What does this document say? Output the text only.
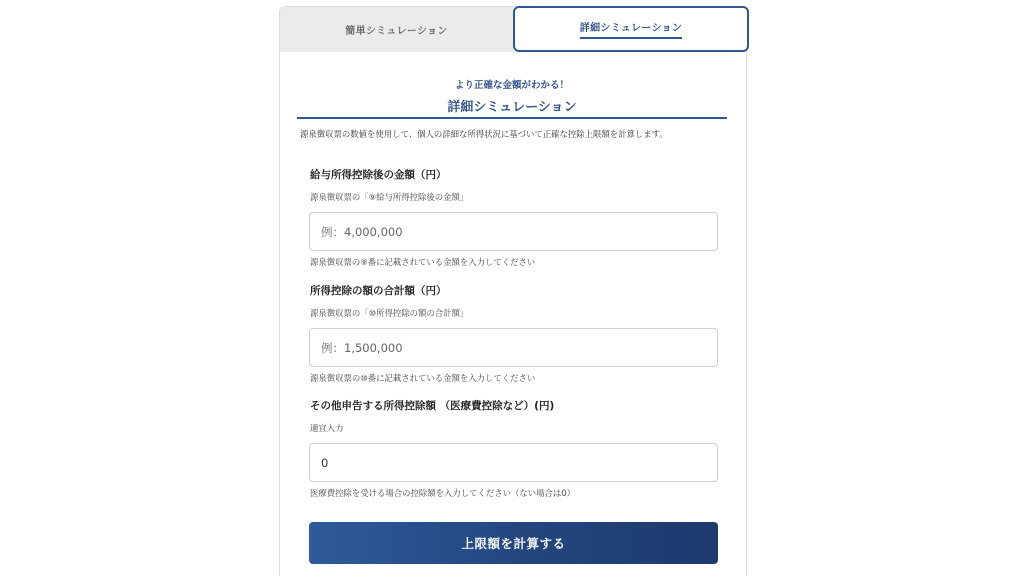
簡単シミュレーション	詳細シミュレーション
より正確な金額がわかる！
詳細シミュレーション
源泉徴収票の数値を使用して、個人の詳細な所得状況に基づいて正確な控除上限額を計算します。
給与所得控除後の金額（円）
源泉徴収票の「⑨給与所得控除後の金額」
例：4,000,000
源泉徴収票の⑨番に記載されている金額を入力してください
所得控除の額の合計額（円）
源泉徴収票の「⑩所得控除の額の合計額」
例：1,500,000
源泉徴収票の⑩番に記載されている金額を入力してください
その他申告する所得控除額 （医療費控除など）(円)
適宜入力
0
医療費控除を受ける場合の控除額を入力してください（ない場合は0）
上限額を計算する
